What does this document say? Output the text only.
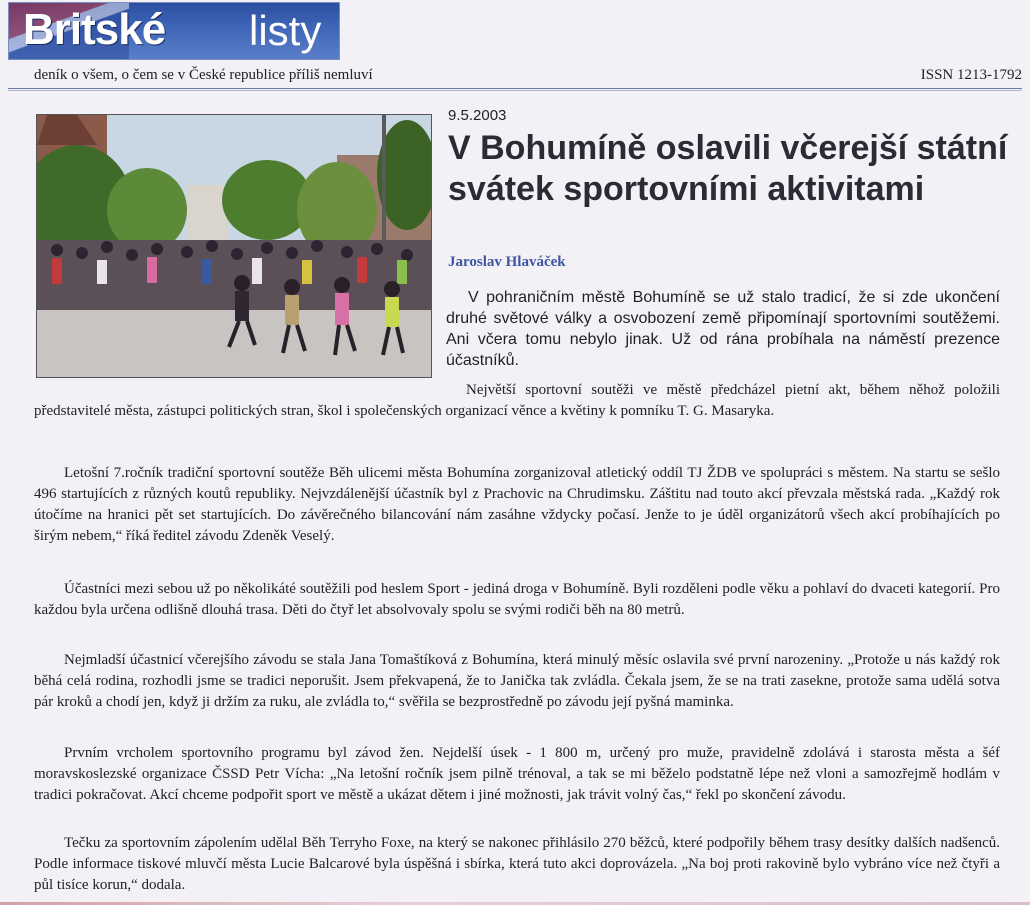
Britské listy
deník o všem, o čem se v České republice příliš nemluví	ISSN 1213-1792
9.5.2003
V Bohumíně oslavili včerejší státní svátek sportovními aktivitami
Jaroslav Hlaváček

V pohraničním městě Bohumíně se už stalo tradicí, že si zde ukončení druhé světové války a osvobození země připomínají sportovními soutěžemi. Ani včera tomu nebylo jinak. Už od rána probíhala na náměstí prezence účastníků.

Největší sportovní soutěži ve městě předcházel pietní akt, během něhož položili představitelé města, zástupci politických stran, škol i společenských organizací věnce a květiny k pomníku T. G. Masaryka.

Letošní 7.ročník tradiční sportovní soutěže Běh ulicemi města Bohumína zorganizoval atletický oddíl TJ ŽDB ve spolupráci s městem. Na startu se sešlo 496 startujících z různých koutů republiky. Nejvzdálenější účastník byl z Prachovic na Chrudimsku. Záštitu nad touto akcí převzala městská rada. „Každý rok útočíme na hranici pět set startujících. Do závěrečného bilancování nám zasáhne vždycky počasí. Jenže to je úděl organizátorů všech akcí probíhajících po širým nebem,“ říká ředitel závodu Zdeněk Veselý.

Účastníci mezi sebou už po několikáté soutěžili pod heslem Sport - jediná droga v Bohumíně. Byli rozděleni podle věku a pohlaví do dvaceti kategorií. Pro každou byla určena odlišně dlouhá trasa. Děti do čtyř let absolvovaly spolu se svými rodiči běh na 80 metrů.

Nejmladší účastnicí včerejšího závodu se stala Jana Tomaštíková z Bohumína, která minulý měsíc oslavila své první narozeniny. „Protože u nás každý rok běhá celá rodina, rozhodli jsme se tradici neporušit. Jsem překvapená, že to Janička tak zvládla. Čekala jsem, že se na trati zasekne, protože sama udělá sotva pár kroků a chodí jen, když ji držím za ruku, ale zvládla to,“ svěřila se bezprostředně po závodu její pyšná maminka.

Prvním vrcholem sportovního programu byl závod žen. Nejdelší úsek - 1 800 m, určený pro muže, pravidelně zdolává i starosta města a šéf moravskoslezské organizace ČSSD Petr Vícha: „Na letošní ročník jsem pilně trénoval, a tak se mi běželo podstatně lépe než vloni a samozřejmě hodlám v tradici pokračovat. Akcí chceme podpořit sport ve městě a ukázat dětem i jiné možnosti, jak trávit volný čas,“ řekl po skončení závodu.

Tečku za sportovním zápolením udělal Běh Terryho Foxe, na který se nakonec přihlásilo 270 běžců, které podpořily během trasy desítky dalších nadšenců. Podle informace tiskové mluvčí města Lucie Balcarové byla úspěšná i sbírka, která tuto akci doprovázela. „Na boj proti rakovině bylo vybráno více než čtyři a půl tisíce korun,“ dodala.
